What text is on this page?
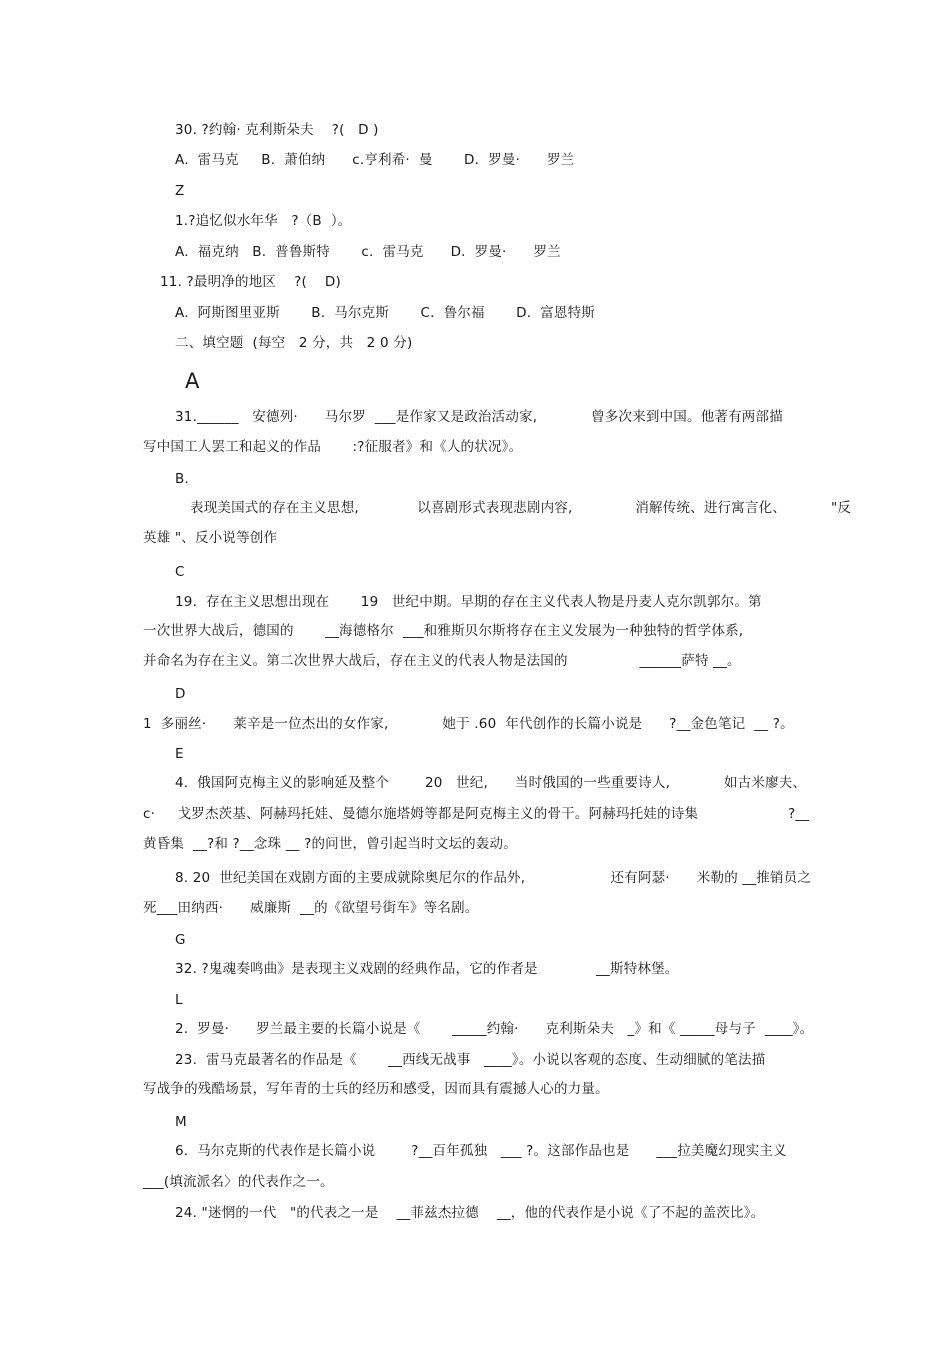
30. ?约翰· 克利斯朵夫    ?(   D )
A.  雷马克     B.  萧伯纳      c.亨利希·  曼       D.  罗曼·      罗兰
Z
1.?追忆似水年华   ?（B  ）。
A.  福克纳   B.  普鲁斯特       c.  雷马克      D.  罗曼·      罗兰
11. ?最明净的地区    ?(    D)
A.  阿斯图里亚斯       B.  马尔克斯       C.  鲁尔福       D.  富恩特斯
二、填空题  (每空   2 分，共   2 0 分)
A
31.______   安德列·      马尔罗  ___是作家又是政治活动家,            曾多次来到中国。他著有两部描
写中国工人罢工和起义的作品       :?征服者》和《人的状况》。
B.
表现美国式的存在主义思想,             以喜剧形式表现悲剧内容,              消解传统、进行寓言化、          "反
英雄 "、反小说等创作
C
19.  存在主义思想出现在       19   世纪中期。早期的存在主义代表人物是丹麦人克尔凯郭尔。第
一次世界大战后，德国的       __海德格尔  ___和雅斯贝尔斯将存在主义发展为一种独特的哲学体系,
并命名为存在主义。第二次世界大战后，存在主义的代表人物是法国的                ______萨特 __。
D
1  多丽丝·      莱辛是一位杰出的女作家,            她于 .60  年代创作的长篇小说是      ?__金色笔记  __ ?。
E
4.  俄国阿克梅主义的影响延及整个        20   世纪,      当时俄国的一些重要诗人,            如古米廖夫、
c·     戈罗杰茨基、阿赫玛托娃、曼德尔施塔姆等都是阿克梅主义的骨干。阿赫玛托娃的诗集                    ?__
黄昏集  __?和 ?__念珠 __ ?的问世，曾引起当时文坛的轰动。
8. 20  世纪美国在戏剧方面的主要成就除奥尼尔的作品外,                   还有阿瑟·      米勒的 __推销员之
死___田纳西·      威廉斯  __的《欲望号街车》等名剧。
G
32. ?鬼魂奏鸣曲》是表现主义戏剧的经典作品，它的作者是             __斯特林堡。
L
2.  罗曼·      罗兰最主要的长篇小说是《       _____约翰·      克利斯朵夫   _》和《 _____母与子  ____》。
23.  雷马克最著名的作品是《       __西线无战事   ____》。小说以客观的态度、生动细腻的笔法描
写战争的残酷场景，写年青的士兵的经历和感受，因而具有震撼人心的力量。
M
6.  马尔克斯的代表作是长篇小说        ?__百年孤独   ___ ?。这部作品也是      ___拉美魔幻现实主义
___(填流派名〉的代表作之一。
24. "迷惘的一代   "的代表之一是    __菲兹杰拉德    __，他的代表作是小说《了不起的盖茨比》。
